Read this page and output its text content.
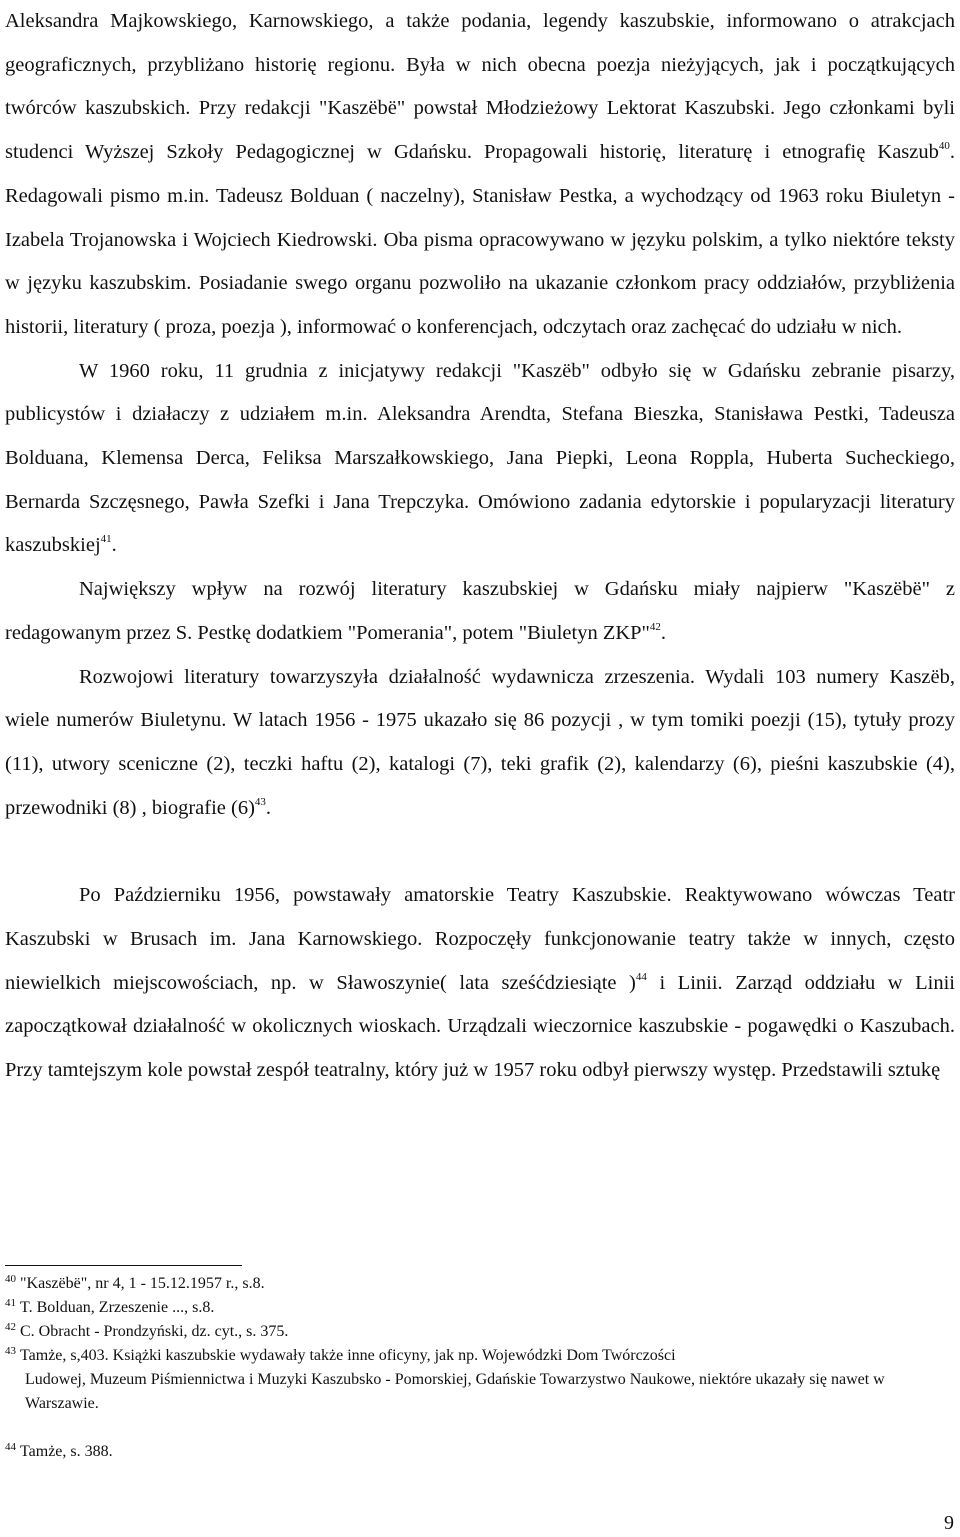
Aleksandra Majkowskiego, Karnowskiego, a także podania, legendy kaszubskie, informowano o atrakcjach geograficznych, przybliżano historię regionu. Była w nich obecna poezja nieżyjących, jak i początkujących twórców kaszubskich. Przy redakcji "Kaszëbë" powstał Młodzieżowy Lektorat Kaszubski. Jego członkami byli studenci Wyższej Szkoły Pedagogicznej w Gdańsku. Propagowali historię, literaturę i etnografię Kaszub$^{40}$. Redagowali pismo m.in. Tadeusz Bolduan ( naczelny), Stanisław Pestka, a wychodzący od 1963 roku Biuletyn - Izabela Trojanowska i Wojciech Kiedrowski. Oba pisma opracowywano w języku polskim, a tylko niektóre teksty w języku kaszubskim. Posiadanie swego organu pozwoliło na ukazanie członkom pracy oddziałów, przybliżenia historii, literatury ( proza, poezja ), informować o konferencjach, odczytach oraz zachęcać do udziału w nich.

W 1960 roku, 11 grudnia z inicjatywy redakcji "Kaszëb" odbyło się w Gdańsku zebranie pisarzy, publicystów i działaczy z udziałem m.in. Aleksandra Arendta, Stefana Bieszka, Stanisława Pestki, Tadeusza Bolduana, Klemensa Derca, Feliksa Marszałkowskiego, Jana Piepki, Leona Roppla, Huberta Sucheckiego, Bernarda Szczęsnego, Pawła Szefki i Jana Trepczyka. Omówiono zadania edytorskie i popularyzacji literatury kaszubskiej$^{41}$.

Największy wpływ na rozwój literatury kaszubskiej w Gdańsku miały najpierw "Kaszëbë" z redagowanym przez S. Pestkę dodatkiem "Pomerania", potem "Biuletyn ZKP"$^{42}$.

Rozwojowi literatury towarzyszyła działalność wydawnicza zrzeszenia. Wydali 103 numery Kaszëb, wiele numerów Biuletynu. W latach 1956 - 1975 ukazało się 86 pozycji , w tym tomiki poezji (15), tytuły prozy (11), utwory sceniczne (2), teczki haftu (2), katalogi (7), teki grafik (2), kalendarzy (6), pieśni kaszubskie (4), przewodniki (8) , biografie $(6)^{43}$.

Po Październiku 1956, powstawały amatorskie Teatry Kaszubskie. Reaktywowano wówczas Teatr Kaszubski w Brusach im. Jana Karnowskiego. Rozpoczęły funkcjonowanie teatry także w innych, często niewielkich miejscowościach, np. w Sławoszynie( lata sześćdziesiąte )$^{44}$ i Linii. Zarząd oddziału w Linii zapoczątkował działalność w okolicznych wioskach. Urządzali wieczornice kaszubskie - pogawędki o Kaszubach. Przy tamtejszym kole powstał zespół teatralny, który już w 1957 roku odbył pierwszy występ. Przedstawili sztukę

$^{40}$ "Kaszëbë", nr 4, 1 - 15.12.1957 r., s.8.

$^{41}$ T. Bolduan, Zrzeszenie ..., s.8.

$^{42}$ C. Obracht - Prondzyński, dz. cyt., s. 375.

$^{43}$ Tamże, s,403. Książki kaszubskie wydawały także inne oficyny, jak np. Wojewódzki Dom Twórczości
Ludowej, Muzeum Piśmiennictwa i Muzyki Kaszubsko - Pomorskiej, Gdańskie Towarzystwo Naukowe, niektóre ukazały się nawet w Warszawie.

$^{44}$ Tamże, s. 388.

9
